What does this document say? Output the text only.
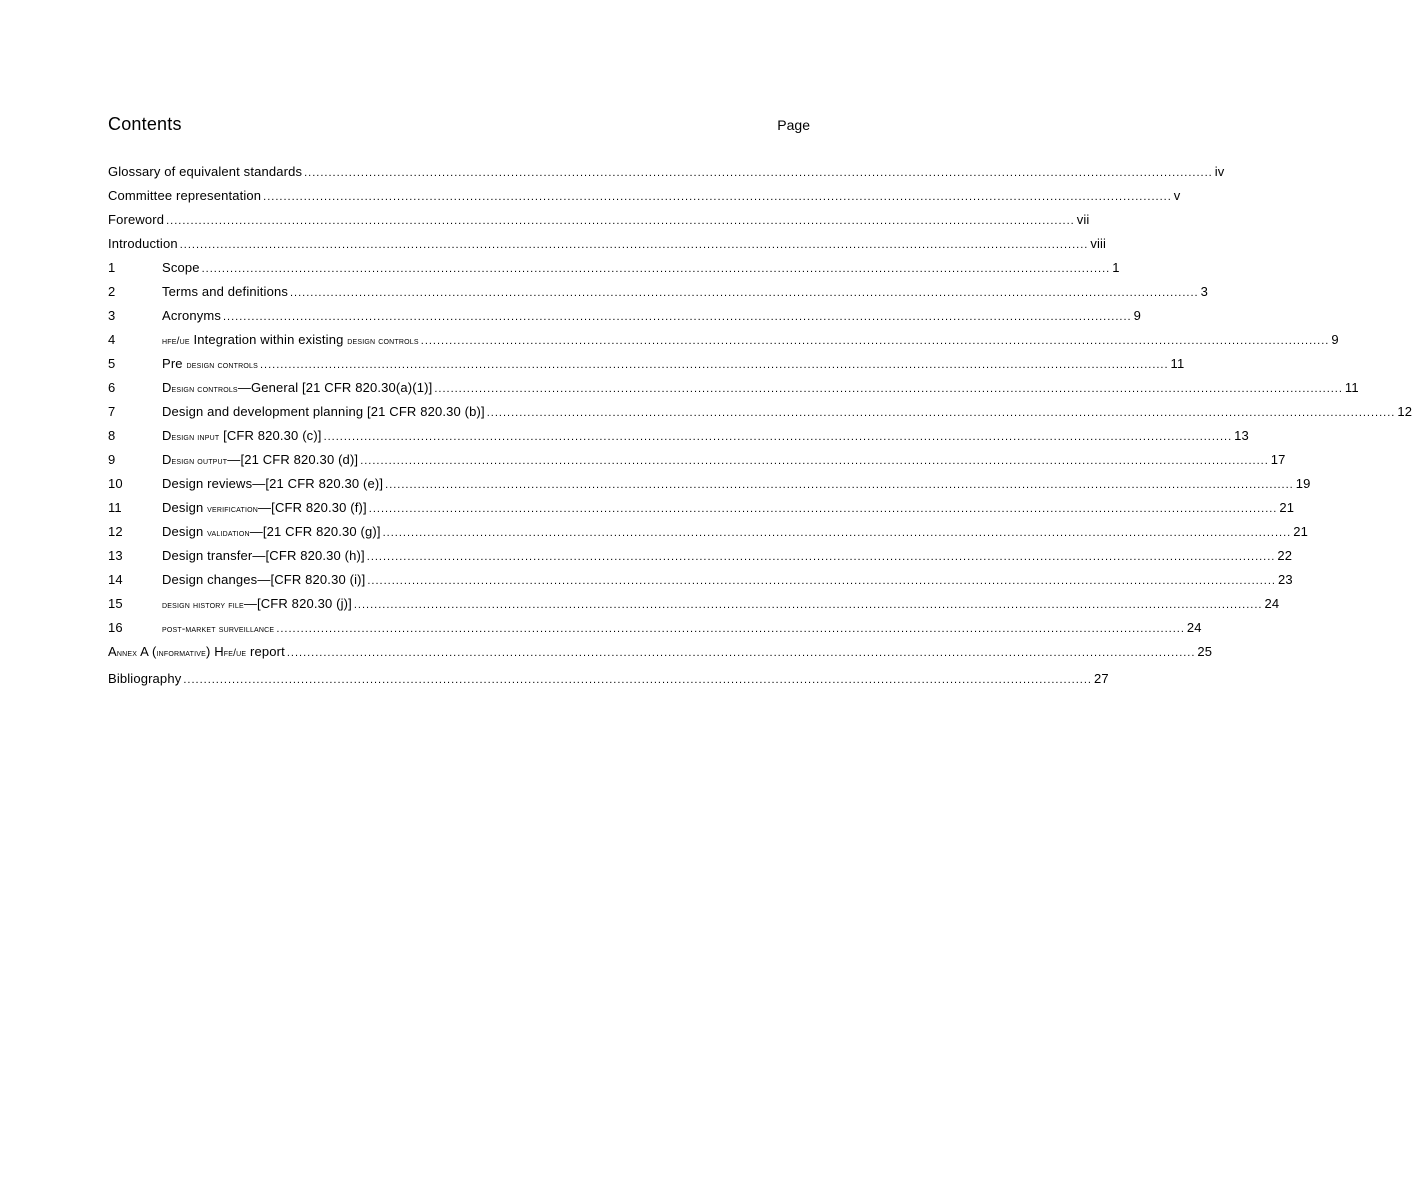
Contents	Page
Glossary of equivalent standards .....	iv
Committee representation .....	v
Foreword .....	vii
Introduction .....	viii
1	Scope .....	1
2	Terms and definitions .....	3
3	Acronyms .....	9
4	hfe/ue Integration within existing design controls .....	9
5	Pre design controls .....	11
6	Design controls—General [21 CFR 820.30(a)(1)] .....	11
7	Design and development planning [21 CFR 820.30 (b)] .....	12
8	Design input [CFR 820.30 (c)] .....	13
9	Design output—[21 CFR 820.30 (d)] .....	17
10	Design reviews—[21 CFR 820.30 (e)] .....	19
11	Design verification—[CFR 820.30 (f)] .....	21
12	Design validation—[21 CFR 820.30 (g)] .....	21
13	Design transfer—[CFR 820.30 (h)] .....	22
14	Design changes—[CFR 820.30 (i)] .....	23
15	design history file—[CFR 820.30 (j)] .....	24
16	post-market surveillance .....	24
Annex A (informative) Hfe/ue report .....	25
Bibliography .....	27
